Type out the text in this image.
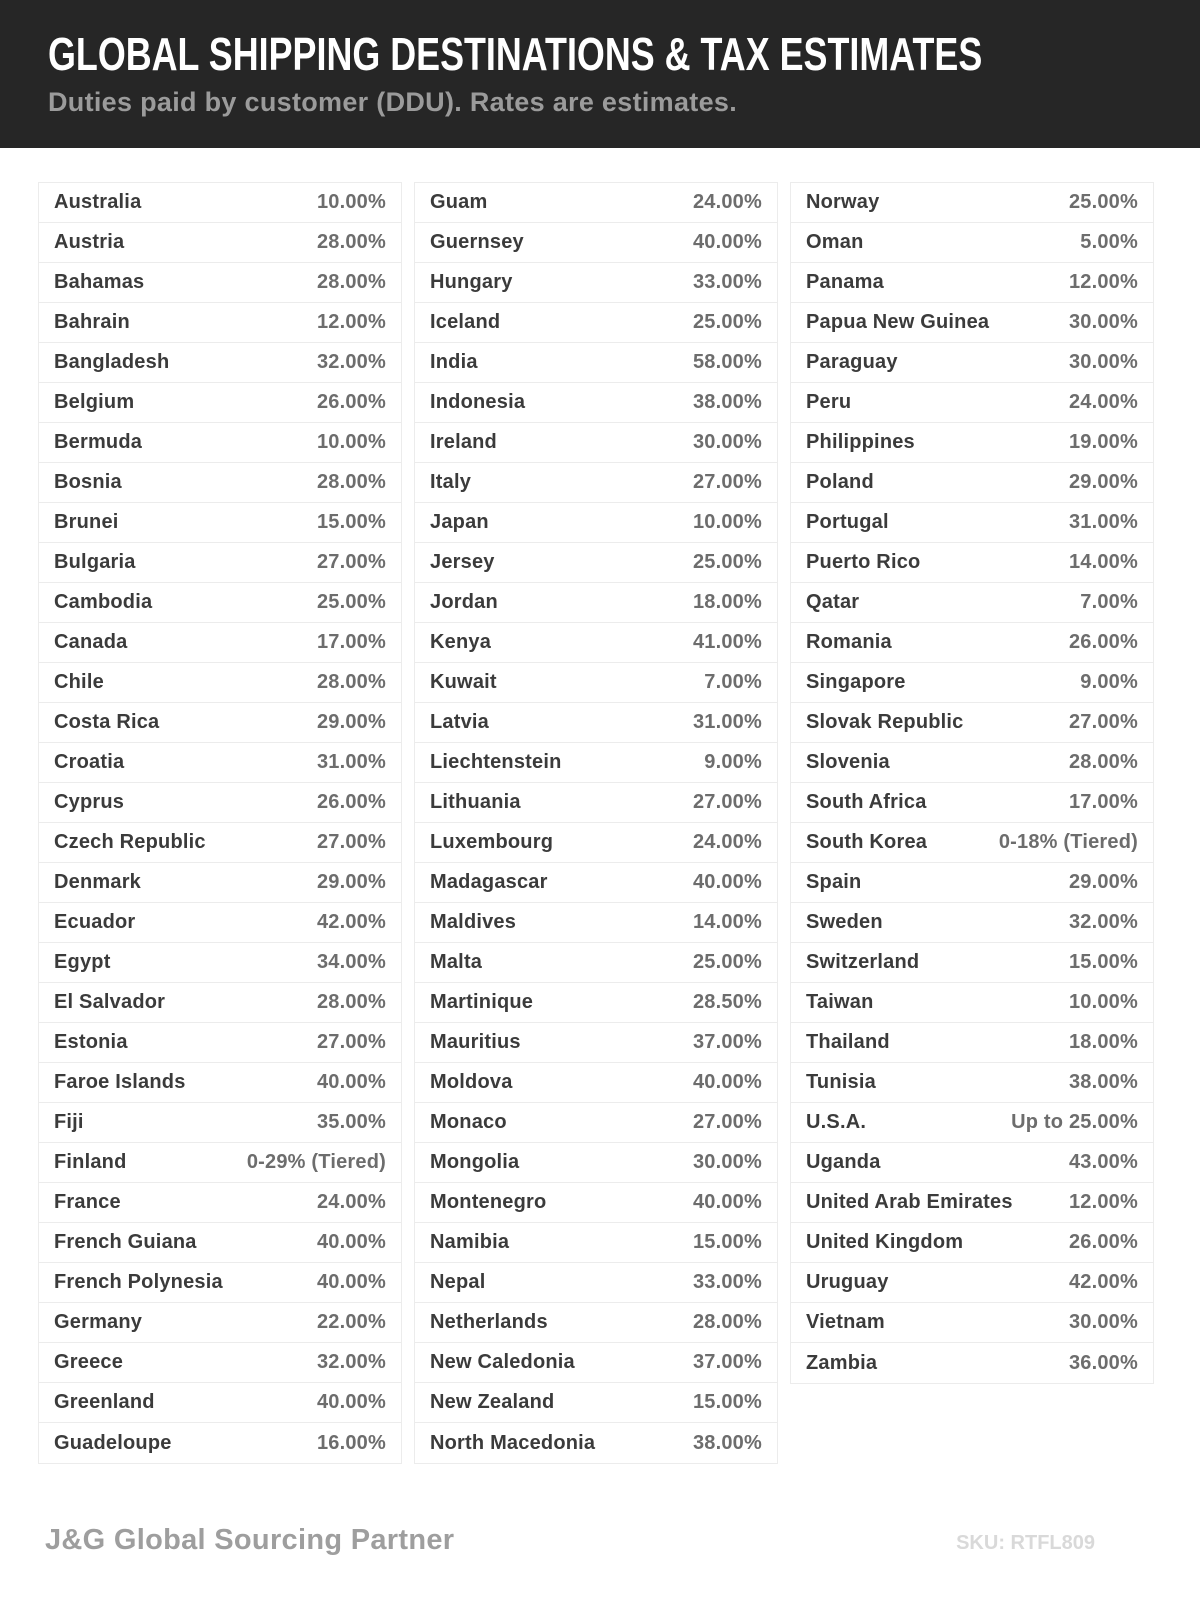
GLOBAL SHIPPING DESTINATIONS & TAX ESTIMATES
Duties paid by customer (DDU). Rates are estimates.
Australia	10.00%
Austria	28.00%
Bahamas	28.00%
Bahrain	12.00%
Bangladesh	32.00%
Belgium	26.00%
Bermuda	10.00%
Bosnia	28.00%
Brunei	15.00%
Bulgaria	27.00%
Cambodia	25.00%
Canada	17.00%
Chile	28.00%
Costa Rica	29.00%
Croatia	31.00%
Cyprus	26.00%
Czech Republic	27.00%
Denmark	29.00%
Ecuador	42.00%
Egypt	34.00%
El Salvador	28.00%
Estonia	27.00%
Faroe Islands	40.00%
Fiji	35.00%
Finland	0-29% (Tiered)
France	24.00%
French Guiana	40.00%
French Polynesia	40.00%
Germany	22.00%
Greece	32.00%
Greenland	40.00%
Guadeloupe	16.00%
Guam	24.00%
Guernsey	40.00%
Hungary	33.00%
Iceland	25.00%
India	58.00%
Indonesia	38.00%
Ireland	30.00%
Italy	27.00%
Japan	10.00%
Jersey	25.00%
Jordan	18.00%
Kenya	41.00%
Kuwait	7.00%
Latvia	31.00%
Liechtenstein	9.00%
Lithuania	27.00%
Luxembourg	24.00%
Madagascar	40.00%
Maldives	14.00%
Malta	25.00%
Martinique	28.50%
Mauritius	37.00%
Moldova	40.00%
Monaco	27.00%
Mongolia	30.00%
Montenegro	40.00%
Namibia	15.00%
Nepal	33.00%
Netherlands	28.00%
New Caledonia	37.00%
New Zealand	15.00%
North Macedonia	38.00%
Norway	25.00%
Oman	5.00%
Panama	12.00%
Papua New Guinea	30.00%
Paraguay	30.00%
Peru	24.00%
Philippines	19.00%
Poland	29.00%
Portugal	31.00%
Puerto Rico	14.00%
Qatar	7.00%
Romania	26.00%
Singapore	9.00%
Slovak Republic	27.00%
Slovenia	28.00%
South Africa	17.00%
South Korea	0-18% (Tiered)
Spain	29.00%
Sweden	32.00%
Switzerland	15.00%
Taiwan	10.00%
Thailand	18.00%
Tunisia	38.00%
U.S.A.	Up to 25.00%
Uganda	43.00%
United Arab Emirates	12.00%
United Kingdom	26.00%
Uruguay	42.00%
Vietnam	30.00%
Zambia	36.00%
J&G Global Sourcing Partner	SKU: RTFL809
